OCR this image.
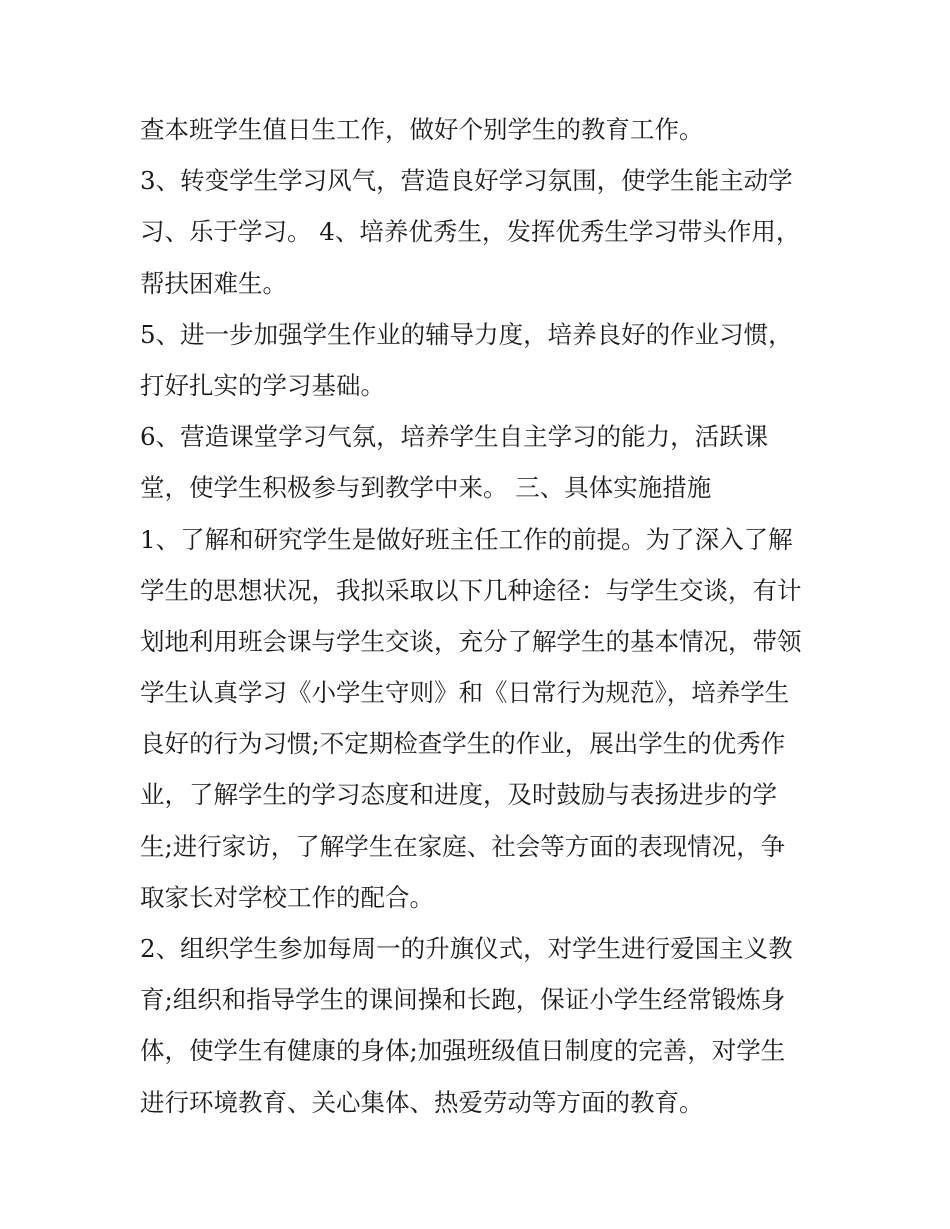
查本班学生值日生工作，做好个别学生的教育工作。
3、转变学生学习风气，营造良好学习氛围，使学生能主动学
习、乐于学习。 4、培养优秀生，发挥优秀生学习带头作用，
帮扶困难生。
5、进一步加强学生作业的辅导力度，培养良好的作业习惯，
打好扎实的学习基础。
6、营造课堂学习气氛，培养学生自主学习的能力，活跃课
堂，使学生积极参与到教学中来。 三、具体实施措施
1、了解和研究学生是做好班主任工作的前提。为了深入了解
学生的思想状况，我拟采取以下几种途径：与学生交谈，有计
划地利用班会课与学生交谈，充分了解学生的基本情况，带领
学生认真学习《小学生守则》和《日常行为规范》，培养学生
良好的行为习惯;不定期检查学生的作业，展出学生的优秀作
业，了解学生的学习态度和进度，及时鼓励与表扬进步的学
生;进行家访，了解学生在家庭、社会等方面的表现情况，争
取家长对学校工作的配合。
2、组织学生参加每周一的升旗仪式，对学生进行爱国主义教
育;组织和指导学生的课间操和长跑，保证小学生经常锻炼身
体，使学生有健康的身体;加强班级值日制度的完善，对学生
进行环境教育、关心集体、热爱劳动等方面的教育。
